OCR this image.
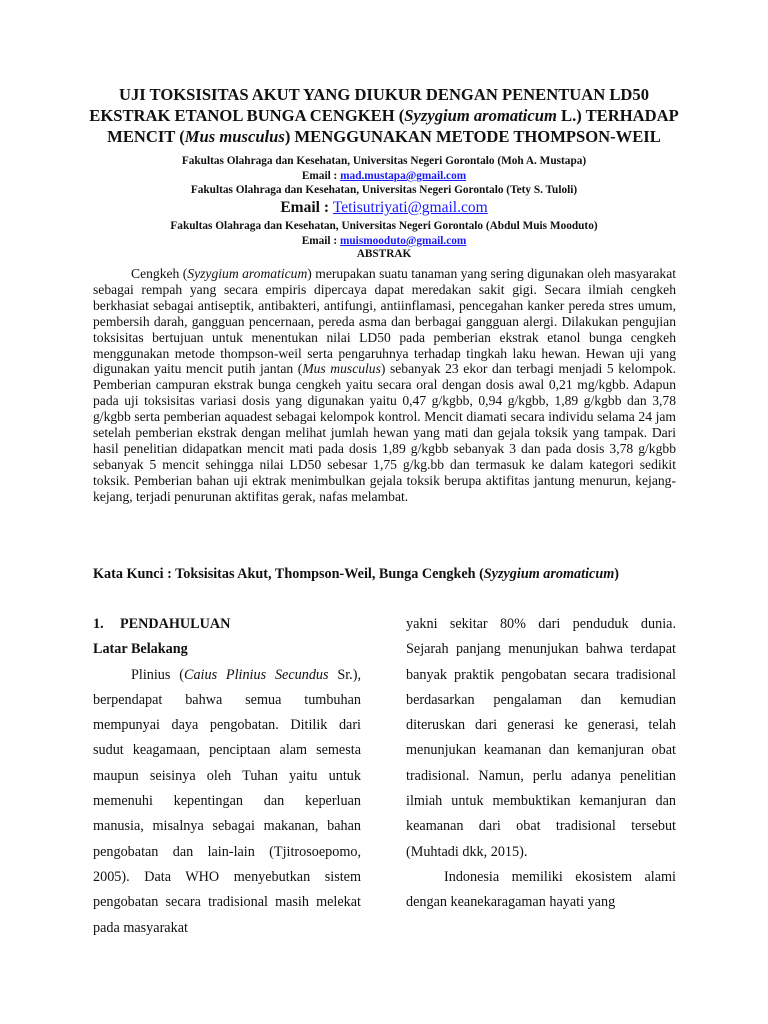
UJI TOKSISITAS AKUT YANG DIUKUR DENGAN PENENTUAN LD50 EKSTRAK ETANOL BUNGA CENGKEH (Syzygium aromaticum L.) TERHADAP MENCIT (Mus musculus) MENGGUNAKAN METODE THOMPSON-WEIL
Fakultas Olahraga dan Kesehatan, Universitas Negeri Gorontalo (Moh A. Mustapa)
Email : mad.mustapa@gmail.com
Fakultas Olahraga dan Kesehatan, Universitas Negeri Gorontalo (Tety S. Tuloli)
Email : Tetisutriyati@gmail.com
Fakultas Olahraga dan Kesehatan, Universitas Negeri Gorontalo (Abdul Muis Mooduto)
Email : muismooduto@gmail.com
ABSTRAK

Cengkeh (Syzygium aromaticum) merupakan suatu tanaman yang sering digunakan oleh masyarakat sebagai rempah yang secara empiris dipercaya dapat meredakan sakit gigi. Secara ilmiah cengkeh berkhasiat sebagai antiseptik, antibakteri, antifungi, antiinflamasi, pencegahan kanker pereda stres umum, pembersih darah, gangguan pencernaan, pereda asma dan berbagai gangguan alergi. Dilakukan pengujian toksisitas bertujuan untuk menentukan nilai LD50 pada pemberian ekstrak etanol bunga cengkeh menggunakan metode thompson-weil serta pengaruhnya terhadap tingkah laku hewan. Hewan uji yang digunakan yaitu mencit putih jantan (Mus musculus) sebanyak 23 ekor dan terbagi menjadi 5 kelompok. Pemberian campuran ekstrak bunga cengkeh yaitu secara oral dengan dosis awal 0,21 mg/kgbb. Adapun pada uji toksisitas variasi dosis yang digunakan yaitu 0,47 g/kgbb, 0,94 g/kgbb, 1,89 g/kgbb dan 3,78 g/kgbb serta pemberian aquadest sebagai kelompok kontrol. Mencit diamati secara individu selama 24 jam setelah pemberian ekstrak dengan melihat jumlah hewan yang mati dan gejala toksik yang tampak. Dari hasil penelitian didapatkan mencit mati pada dosis 1,89 g/kgbb sebanyak 3 dan pada dosis 3,78 g/kgbb sebanyak 5 mencit sehingga nilai LD50 sebesar 1,75 g/kg.bb dan termasuk ke dalam kategori sedikit toksik. Pemberian bahan uji ektrak menimbulkan gejala toksik berupa aktifitas jantung menurun, kejang-kejang, terjadi penurunan aktifitas gerak, nafas melambat.

Kata Kunci : Toksisitas Akut, Thompson-Weil, Bunga Cengkeh (Syzygium aromaticum)
1.	PENDAHULUAN
Latar Belakang

Plinius (Caius Plinius Secundus Sr.), berpendapat bahwa semua tumbuhan mempunyai daya pengobatan. Ditilik dari sudut keagamaan, penciptaan alam semesta maupun seisinya oleh Tuhan yaitu untuk memenuhi kepentingan dan keperluan manusia, misalnya sebagai makanan, bahan pengobatan dan lain-lain (Tjitrosoepomo, 2005). Data WHO menyebutkan sistem pengobatan secara tradisional masih melekat pada masyarakat

yakni sekitar 80% dari penduduk dunia. Sejarah panjang menunjukan bahwa terdapat banyak praktik pengobatan secara tradisional berdasarkan pengalaman dan kemudian diteruskan dari generasi ke generasi, telah menunjukan keamanan dan kemanjuran obat tradisional. Namun, perlu adanya penelitian ilmiah untuk membuktikan kemanjuran dan keamanan dari obat tradisional tersebut (Muhtadi dkk, 2015).

Indonesia memiliki ekosistem alami dengan keanekaragaman hayati yang
